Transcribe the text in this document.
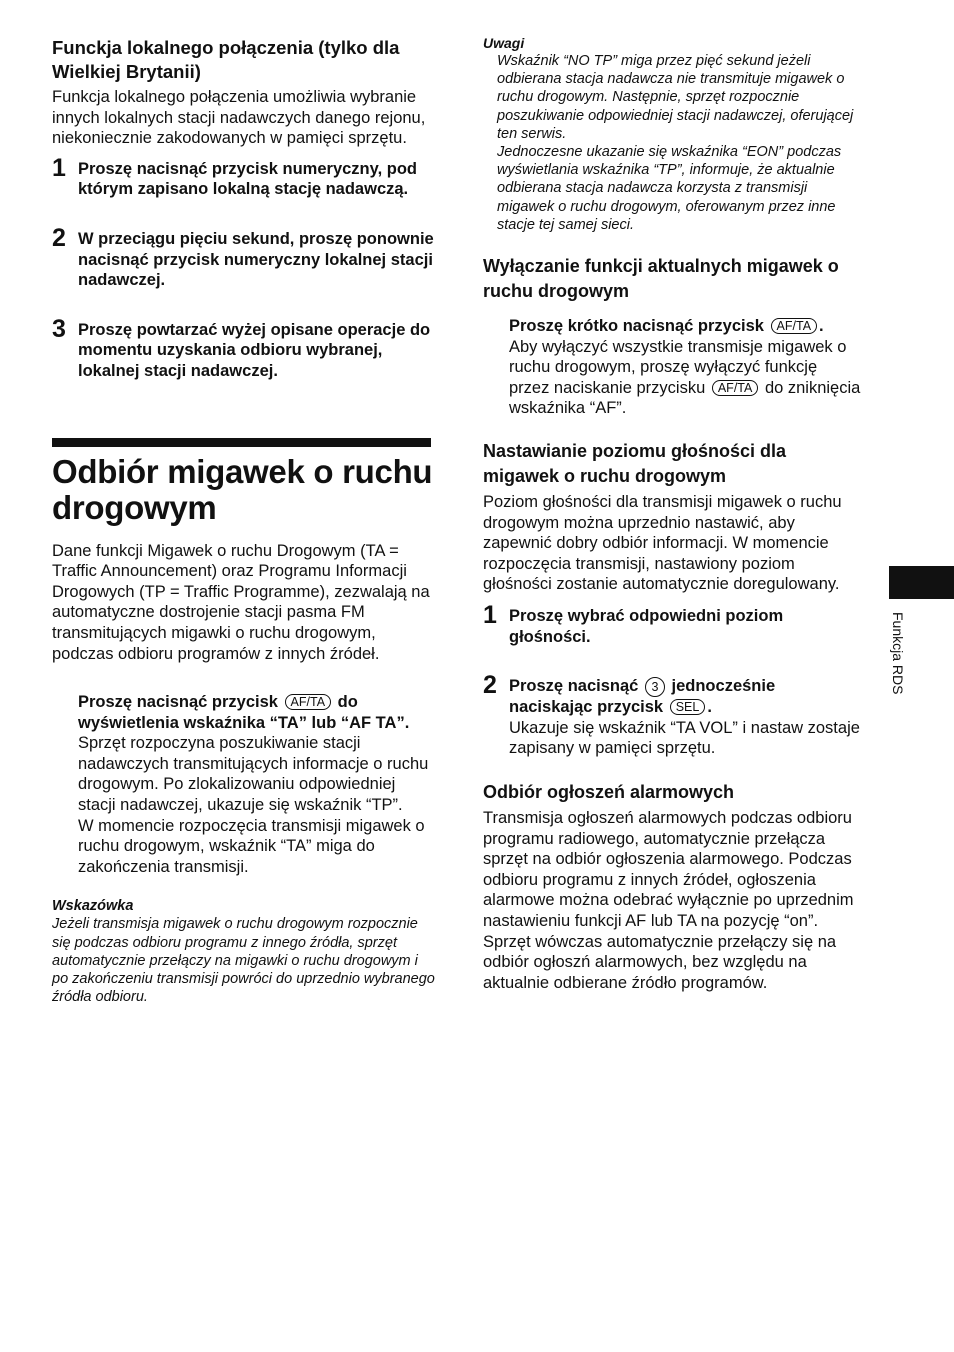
Funckja lokalnego połączenia (tylko dla Wielkiej Brytanii)

Funkcja lokalnego połączenia umożliwia wybranie innych lokalnych stacji nadawczych danego rejonu, niekoniecznie zakodowanych w pamięci sprzętu.

1 Proszę nacisnąć przycisk numeryczny, pod którym zapisano lokalną stację nadawczą.

2 W przeciągu pięciu sekund, proszę ponownie nacisnąć przycisk numeryczny lokalnej stacji nadawczej.

3 Proszę powtarzać wyżej opisane operacje do momentu uzyskania odbioru wybranej, lokalnej stacji nadawczej.

Odbiór migawek o ruchu drogowym

Dane funkcji Migawek o ruchu Drogowym (TA = Traffic Announcement) oraz Programu Informacji Drogowych (TP = Traffic Programme), zezwalają na automatyczne dostrojenie stacji pasma FM transmitujących migawki o ruchu drogowym, podczas odbioru programów z innych źródeł.

Proszę nacisnąć przycisk AF/TA do wyświetlenia wskaźnika “TA” lub “AF TA”.

Sprzęt rozpoczyna poszukiwanie stacji nadawczych transmitujących informacje o ruchu drogowym. Po zlokalizowaniu odpowiedniej stacji nadawczej, ukazuje się wskaźnik “TP”.

W momencie rozpoczęcia transmisji migawek o ruchu drogowym, wskaźnik “TA” miga do zakończenia transmisji.

Wskazówka

Jeżeli transmisja migawek o ruchu drogowym rozpocznie się podczas odbioru programu z innego źródła, sprzęt automatycznie przełączy na migawki o ruchu drogowym i po zakończeniu transmisji powróci do uprzednio wybranego źródła odbioru.

Uwagi

Wskaźnik “NO TP” miga przez pięć sekund jeżeli odbierana stacja nadawcza nie transmituje migawek o ruchu drogowym. Następnie, sprzęt rozpocznie poszukiwanie odpowiedniej stacji nadawczej, oferującej ten serwis.

Jednoczesne ukazanie się wskaźnika “EON” podczas wyświetlania wskaźnika “TP”, informuje, że aktualnie odbierana stacja nadawcza korzysta z transmisji migawek o ruchu drogowym, oferowanym przez inne stacje tej samej sieci.

Wyłączanie funkcji aktualnych migawek o ruchu drogowym

Proszę krótko nacisnąć przycisk AF/TA .

Aby wyłączyć wszystkie transmisje migawek o ruchu drogowym, proszę wyłączyć funkcję przez naciskanie przycisku AF/TA do zniknięcia wskaźnika “AF”.

Nastawianie poziomu głośności dla migawek o ruchu drogowym

Poziom głośności dla transmisji migawek o ruchu drogowym można uprzednio nastawić, aby zapewnić dobry odbiór informacji. W momencie rozpoczęcia transmisji, nastawiony poziom głośności zostanie automatycznie doregulowany.

1 Proszę wybrać odpowiedni poziom głośności.

2 Proszę nacisnąć 3 jednocześnie naciskając przycisk SEL .

Ukazuje się wskaźnik “TA VOL” i nastaw zostaje zapisany w pamięci sprzętu.

Odbiór ogłoszeń alarmowych

Transmisja ogłoszeń alarmowych podczas odbioru programu radiowego, automatycznie przełącza sprzęt na odbiór ogłoszenia alarmowego. Podczas odbioru programu z innych źródeł, ogłoszenia alarmowe można odebrać wyłącznie po uprzednim nastawieniu funkcji AF lub TA na pozycję “on”. Sprzęt wówczas automatycznie przełączy się na odbiór ogłoszń alarmowych, bez względu na aktualnie odbierane źródło programów.

Funkcja RDS
